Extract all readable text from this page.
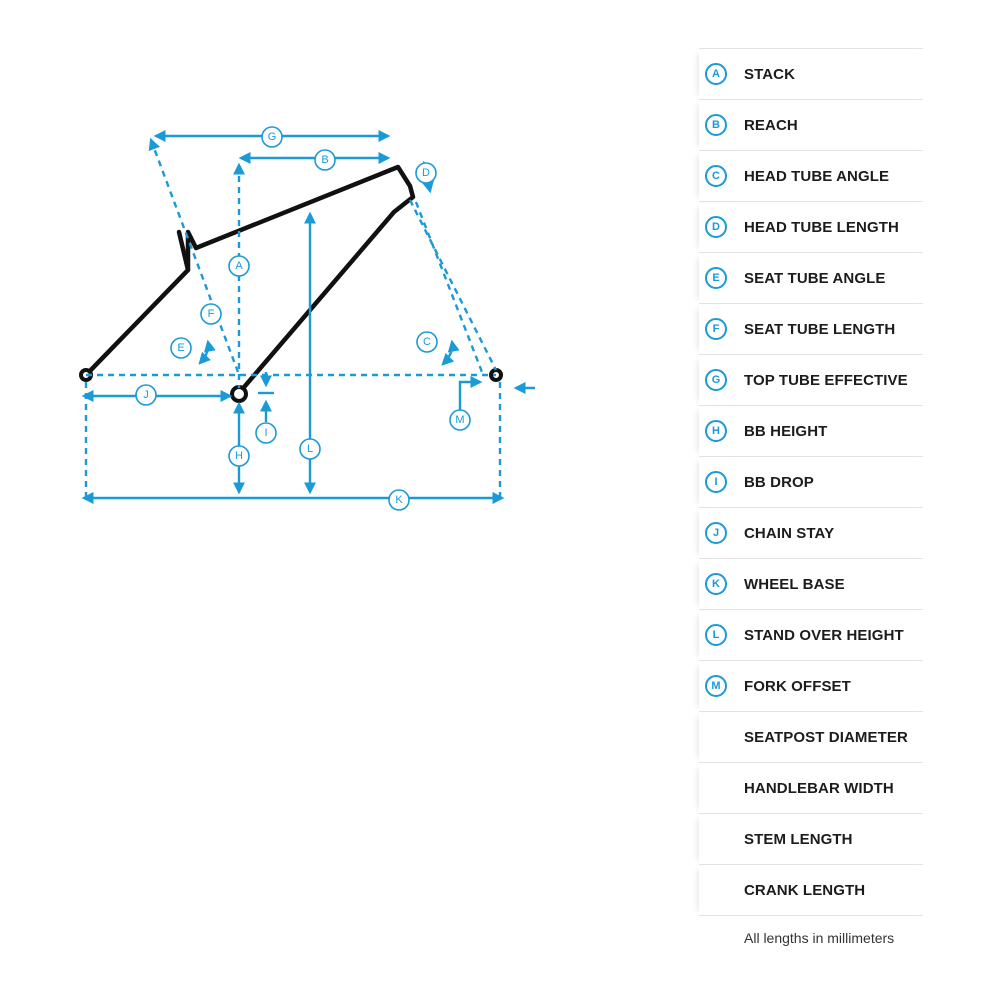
G
B
D
A
F
E	C
J
I
H
L
M
K
A	STACK
B	REACH
C	HEAD TUBE ANGLE
D	HEAD TUBE LENGTH
E	SEAT TUBE ANGLE
F	SEAT TUBE LENGTH
G	TOP TUBE EFFECTIVE
H	BB HEIGHT
I	BB DROP
J	CHAIN STAY
K	WHEEL BASE
L	STAND OVER HEIGHT
M	FORK OFFSET
SEATPOST DIAMETER
HANDLEBAR WIDTH
STEM LENGTH
CRANK LENGTH
All lengths in millimeters
